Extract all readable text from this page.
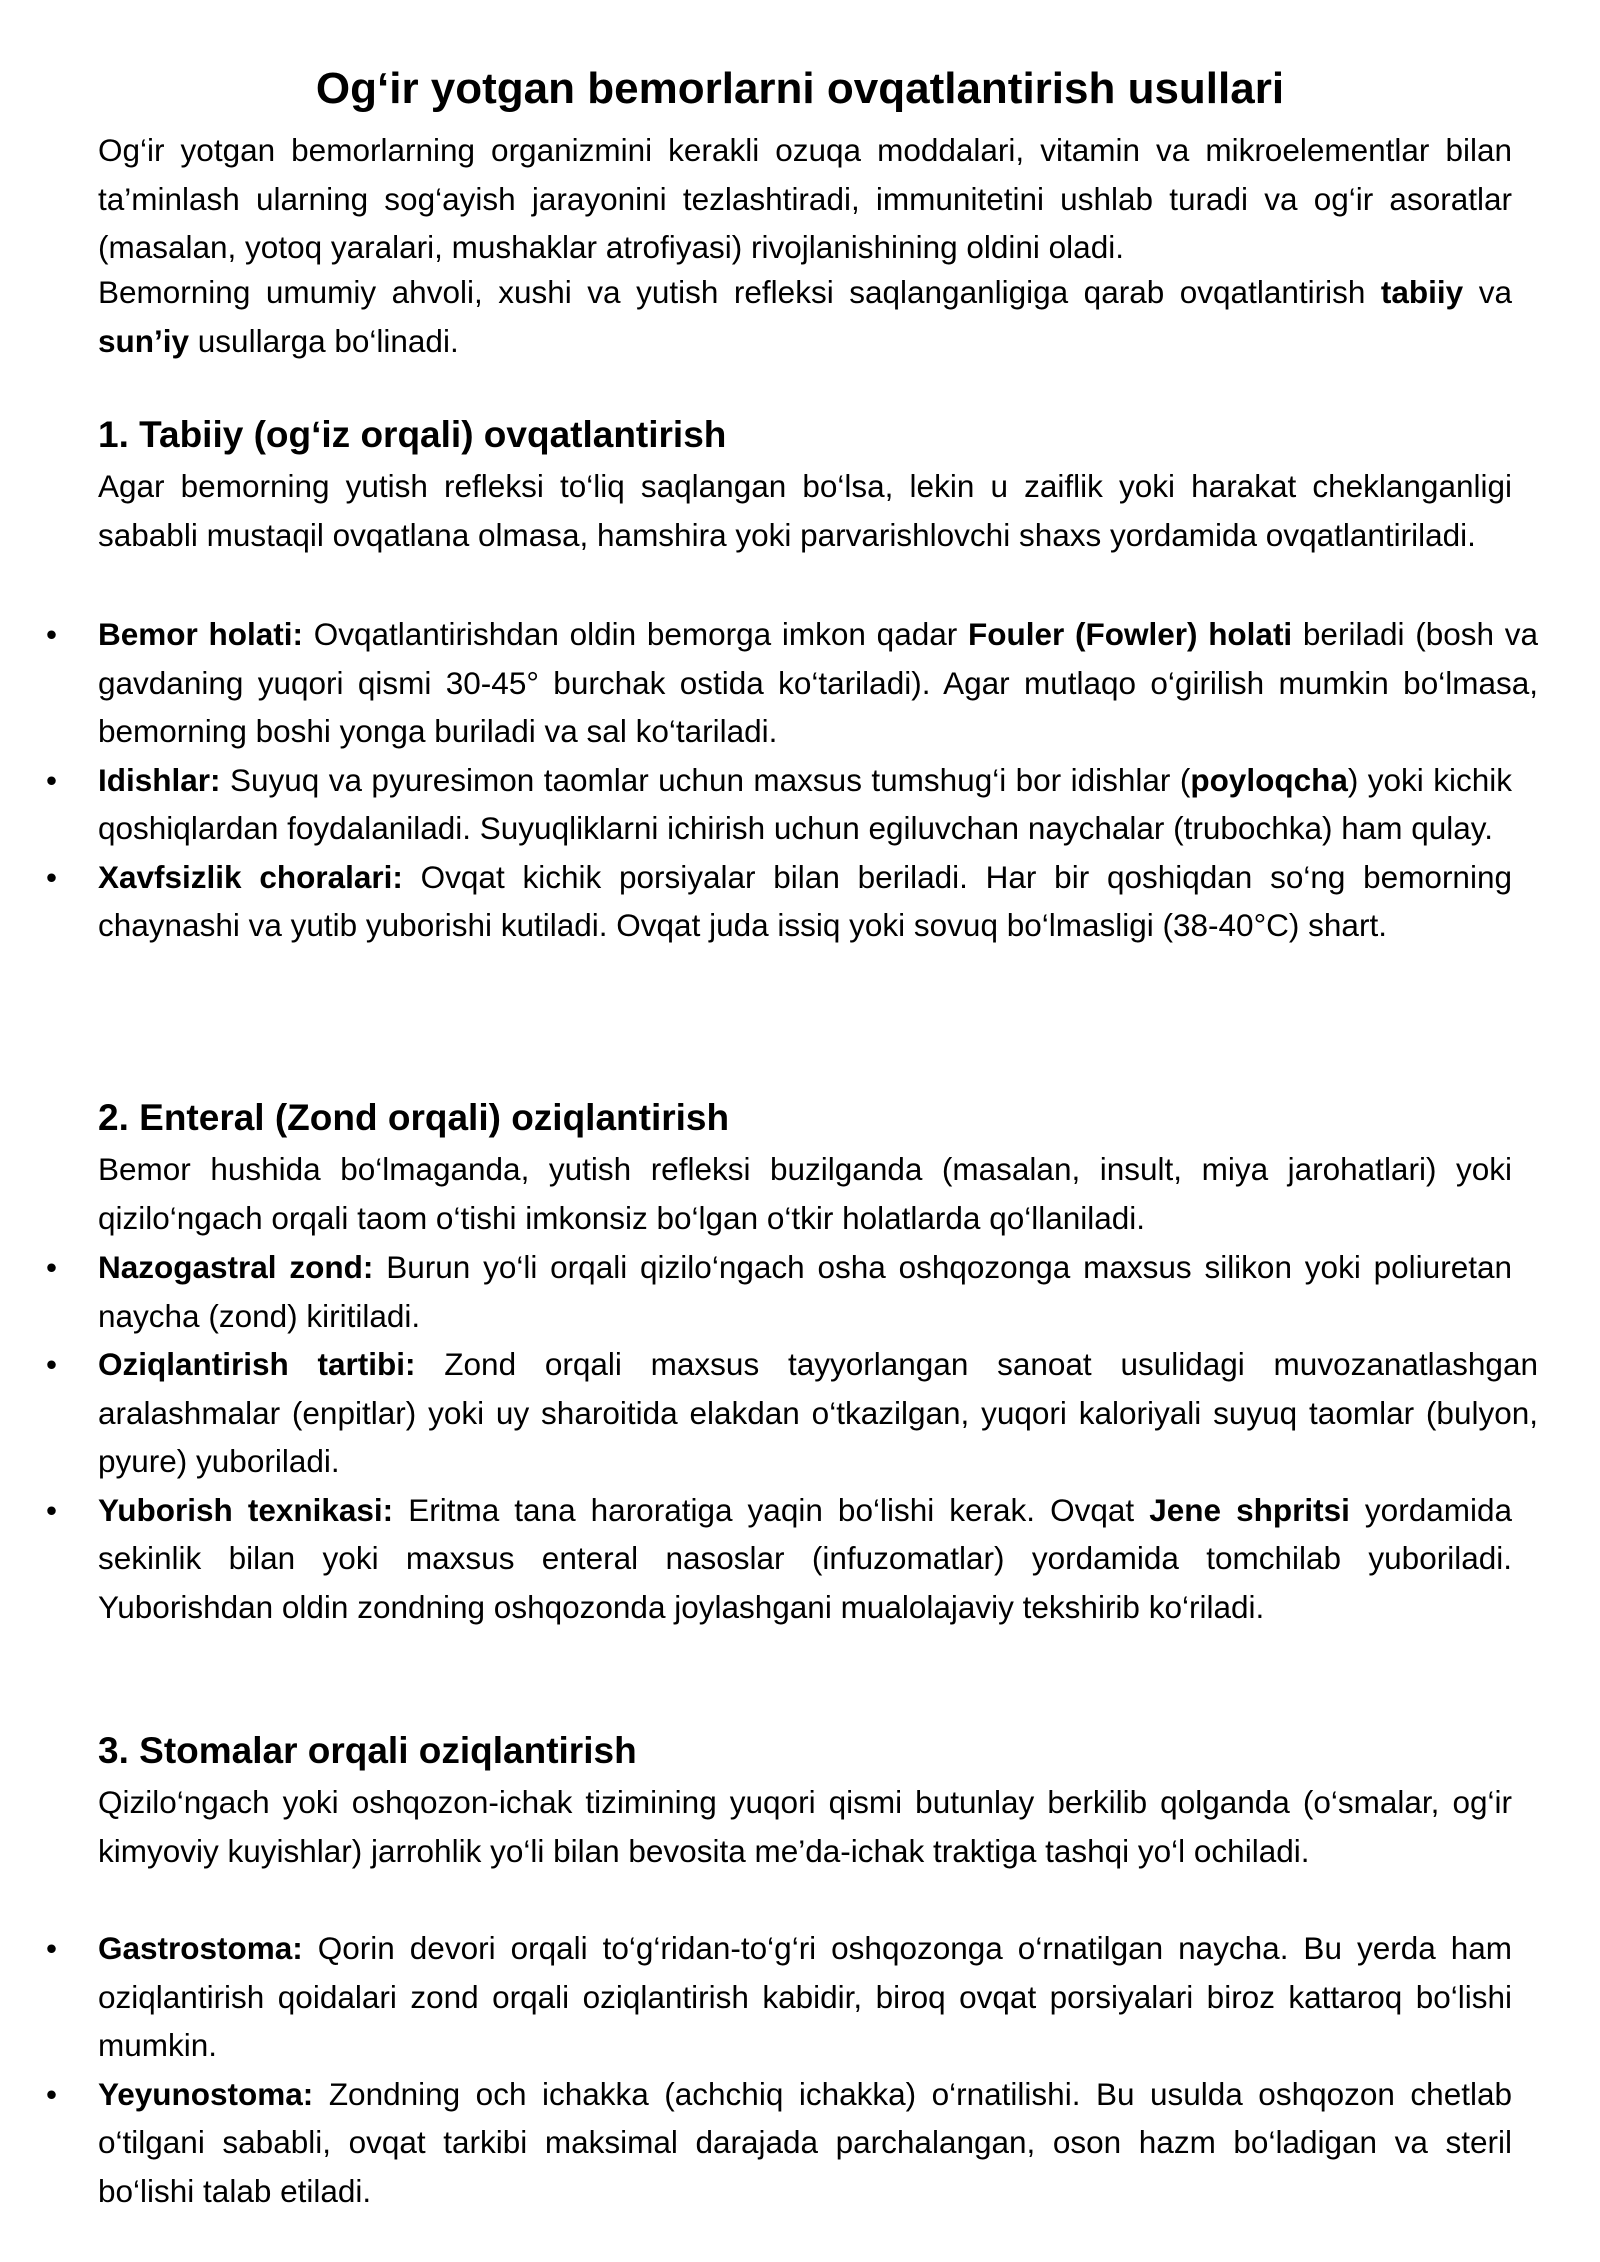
Og‘ir yotgan bemorlarni ovqatlantirish usullari

Og‘ir yotgan bemorlarning organizmini kerakli ozuqa moddalari, vitamin va mikroelementlar bilan ta’minlash ularning sog‘ayish jarayonini tezlashtiradi, immunitetini ushlab turadi va og‘ir asoratlar (masalan, yotoq yaralari, mushaklar atrofiyasi) rivojlanishining oldini oladi.

Bemorning umumiy ahvoli, xushi va yutish refleksi saqlanganligiga qarab ovqatlantirish tabiiy va sun’iy usullarga bo‘linadi.

1. Tabiiy (og‘iz orqali) ovqatlantirish

Agar bemorning yutish refleksi to‘liq saqlangan bo‘lsa, lekin u zaiflik yoki harakat cheklanganligi sababli mustaqil ovqatlana olmasa, hamshira yoki parvarishlovchi shaxs yordamida ovqatlantiriladi.

• Bemor holati: Ovqatlantirishdan oldin bemorga imkon qadar Fouler (Fowler) holati beriladi (bosh va gavdaning yuqori qismi 30-45° burchak ostida ko‘tariladi). Agar mutlaqo o‘girilish mumkin bo‘lmasa, bemorning boshi yonga buriladi va sal ko‘tariladi.
• Idishlar: Suyuq va pyuresimon taomlar uchun maxsus tumshug‘i bor idishlar (poyloqcha) yoki kichik qoshiqlardan foydalaniladi. Suyuqliklarni ichirish uchun egiluvchan naychalar (trubochka) ham qulay.
• Xavfsizlik choralari: Ovqat kichik porsiyalar bilan beriladi. Har bir qoshiqdan so‘ng bemorning chaynashi va yutib yuborishi kutiladi. Ovqat juda issiq yoki sovuq bo‘lmasligi (38-40°C) shart.
2. Enteral (Zond orqali) oziqlantirish

Bemor hushida bo‘lmaganda, yutish refleksi buzilganda (masalan, insult, miya jarohatlari) yoki qizilo‘ngach orqali taom o‘tishi imkonsiz bo‘lgan o‘tkir holatlarda qo‘llaniladi.

• Nazogastral zond: Burun yo‘li orqali qizilo‘ngach osha oshqozonga maxsus silikon yoki poliuretan naycha (zond) kiritiladi.
• Oziqlantirish tartibi: Zond orqali maxsus tayyorlangan sanoat usulidagi muvozanatlashgan aralashmalar (enpitlar) yoki uy sharoitida elakdan o‘tkazilgan, yuqori kaloriyali suyuq taomlar (bulyon, pyure) yuboriladi.
• Yuborish texnikasi: Eritma tana haroratiga yaqin bo‘lishi kerak. Ovqat Jene shpritsi yordamida sekinlik bilan yoki maxsus enteral nasoslar (infuzomatlar) yordamida tomchilab yuboriladi. Yuborishdan oldin zondning oshqozonda joylashgani mualolajaviy tekshirib ko‘riladi.
3. Stomalar orqali oziqlantirish

Qizilo‘ngach yoki oshqozon-ichak tizimining yuqori qismi butunlay berkilib qolganda (o‘smalar, og‘ir kimyoviy kuyishlar) jarrohlik yo‘li bilan bevosita me’da-ichak traktiga tashqi yo‘l ochiladi.

• Gastrostoma: Qorin devori orqali to‘g‘ridan-to‘g‘ri oshqozonga o‘rnatilgan naycha. Bu yerda ham oziqlantirish qoidalari zond orqali oziqlantirish kabidir, biroq ovqat porsiyalari biroz kattaroq bo‘lishi mumkin.
• Yeyunostoma: Zondning och ichakka (achchiq ichakka) o‘rnatilishi. Bu usulda oshqozon chetlab o‘tilgani sababli, ovqat tarkibi maksimal darajada parchalangan, oson hazm bo‘ladigan va steril bo‘lishi talab etiladi.
